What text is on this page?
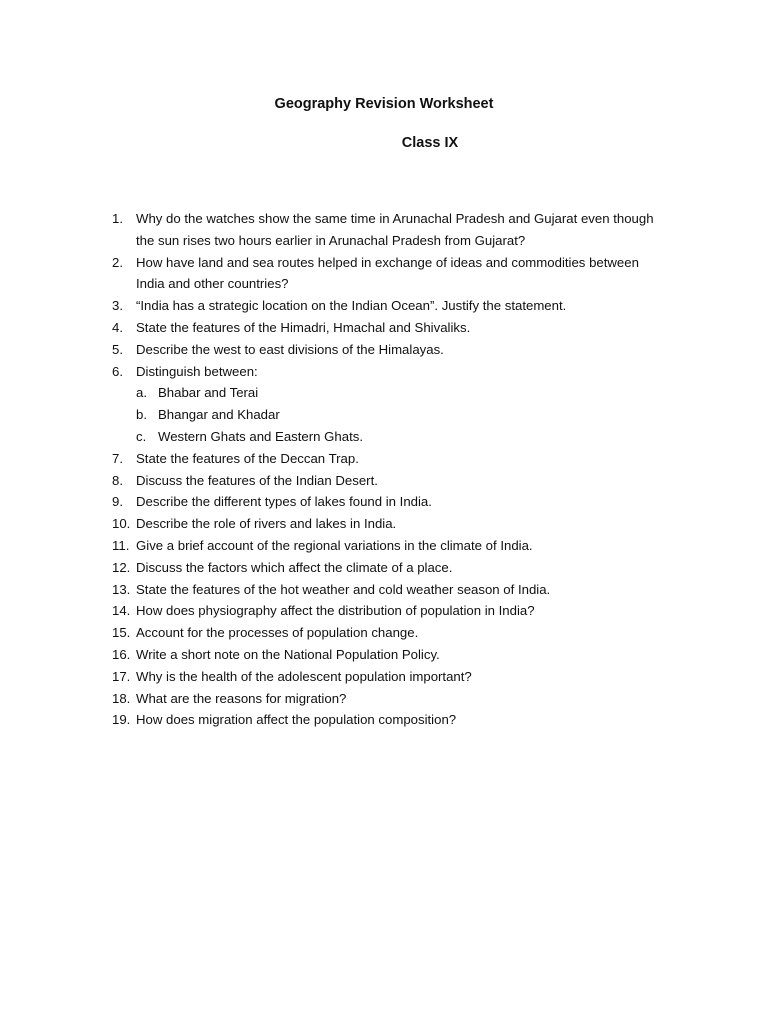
Geography Revision Worksheet
Class IX
1. Why do the watches show the same time in Arunachal Pradesh and Gujarat even though
the sun rises two hours earlier in Arunachal Pradesh from Gujarat?
2. How have land and sea routes helped in exchange of ideas and commodities between
India and other countries?
3. “India has a strategic location on the Indian Ocean”. Justify the statement.
4. State the features of the Himadri, Hmachal and Shivaliks.
5. Describe the west to east divisions of the Himalayas.
6. Distinguish between:
a. Bhabar and Terai
b. Bhangar and Khadar
c. Western Ghats and Eastern Ghats.
7. State the features of the Deccan Trap.
8. Discuss the features of the Indian Desert.
9. Describe the different types of lakes found in India.
10. Describe the role of rivers and lakes in India.
11. Give a brief account of the regional variations in the climate of India.
12. Discuss the factors which affect the climate of a place.
13. State the features of the hot weather and cold weather season of India.
14. How does physiography affect the distribution of population in India?
15. Account for the processes of population change.
16. Write a short note on the National Population Policy.
17. Why is the health of the adolescent population important?
18. What are the reasons for migration?
19. How does migration affect the population composition?
